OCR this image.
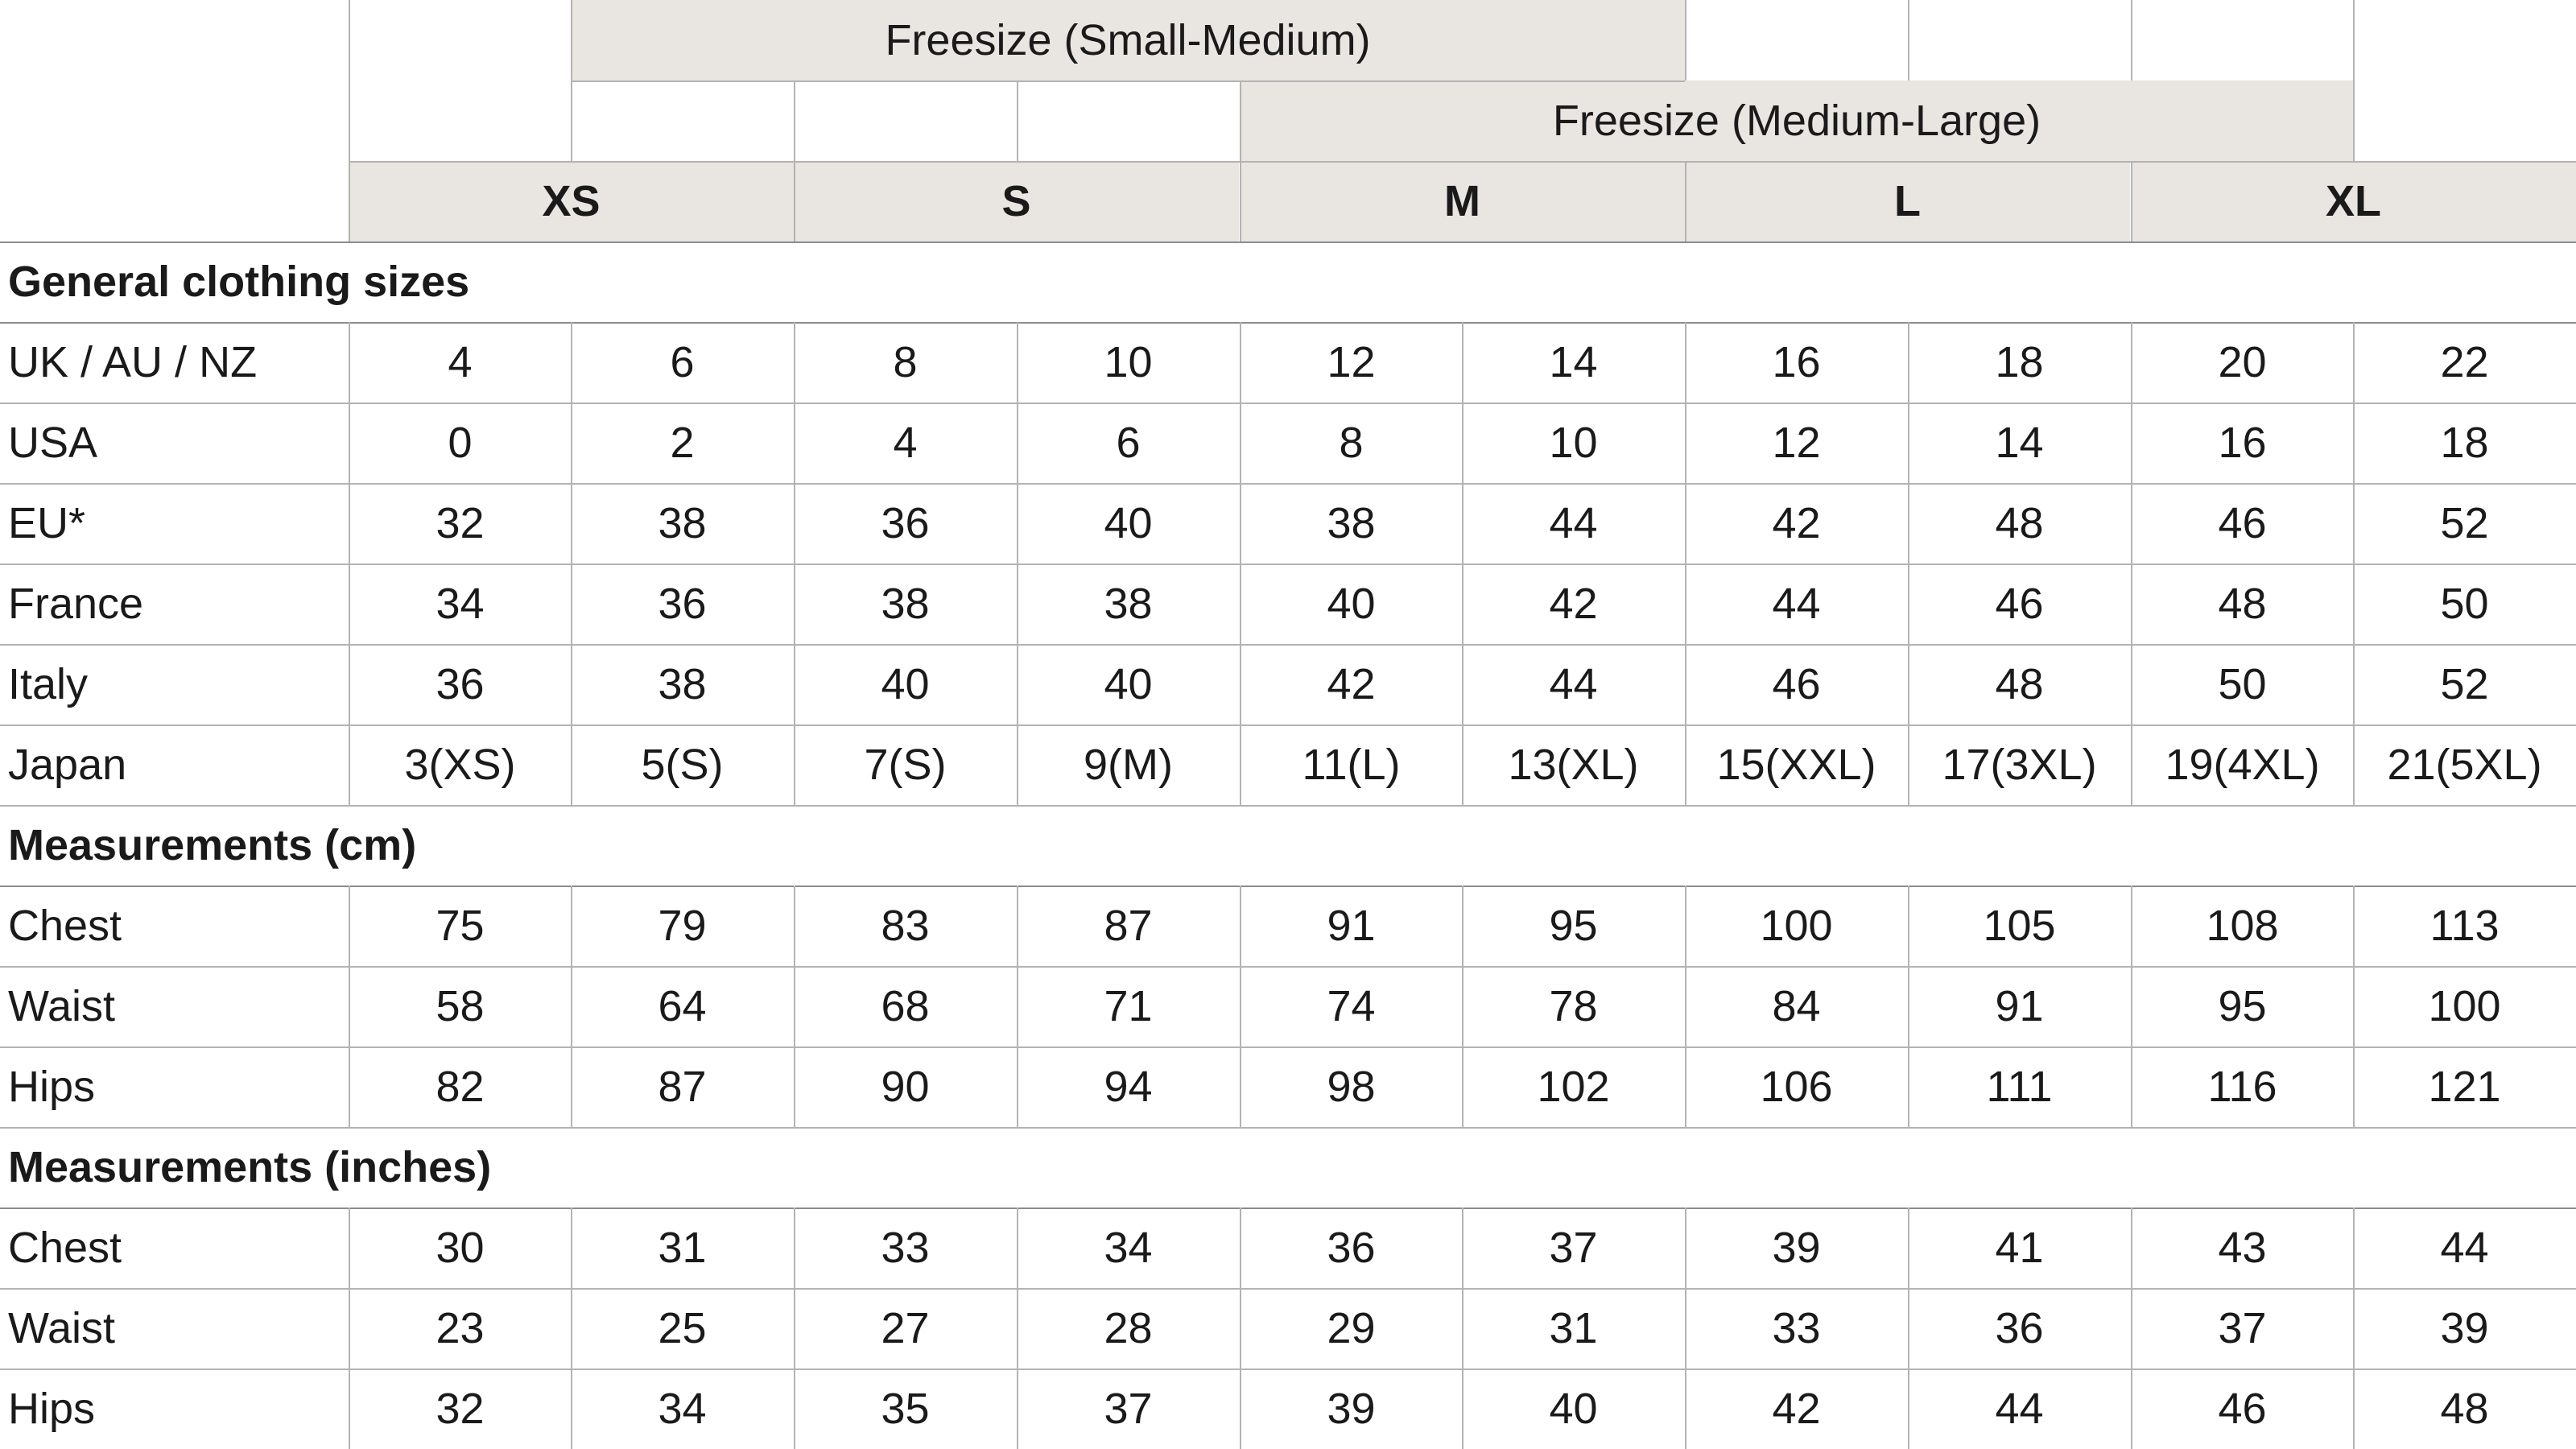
Freesize (Small-Medium)
Freesize (Medium-Large)
XS	S	M	L	XL
General clothing sizes
UK / AU / NZ	4	6	8	10	12	14	16	18	20	22
USA	0	2	4	6	8	10	12	14	16	18
EU*	32	38	36	40	38	44	42	48	46	52
France	34	36	38	38	40	42	44	46	48	50
Italy	36	38	40	40	42	44	46	48	50	52
Japan	3(XS)	5(S)	7(S)	9(M)	11(L)	13(XL)	15(XXL)	17(3XL)	19(4XL)	21(5XL)
Measurements (cm)
Chest	75	79	83	87	91	95	100	105	108	113
Waist	58	64	68	71	74	78	84	91	95	100
Hips	82	87	90	94	98	102	106	111	116	121
Measurements (inches)
Chest	30	31	33	34	36	37	39	41	43	44
Waist	23	25	27	28	29	31	33	36	37	39
Hips	32	34	35	37	39	40	42	44	46	48
